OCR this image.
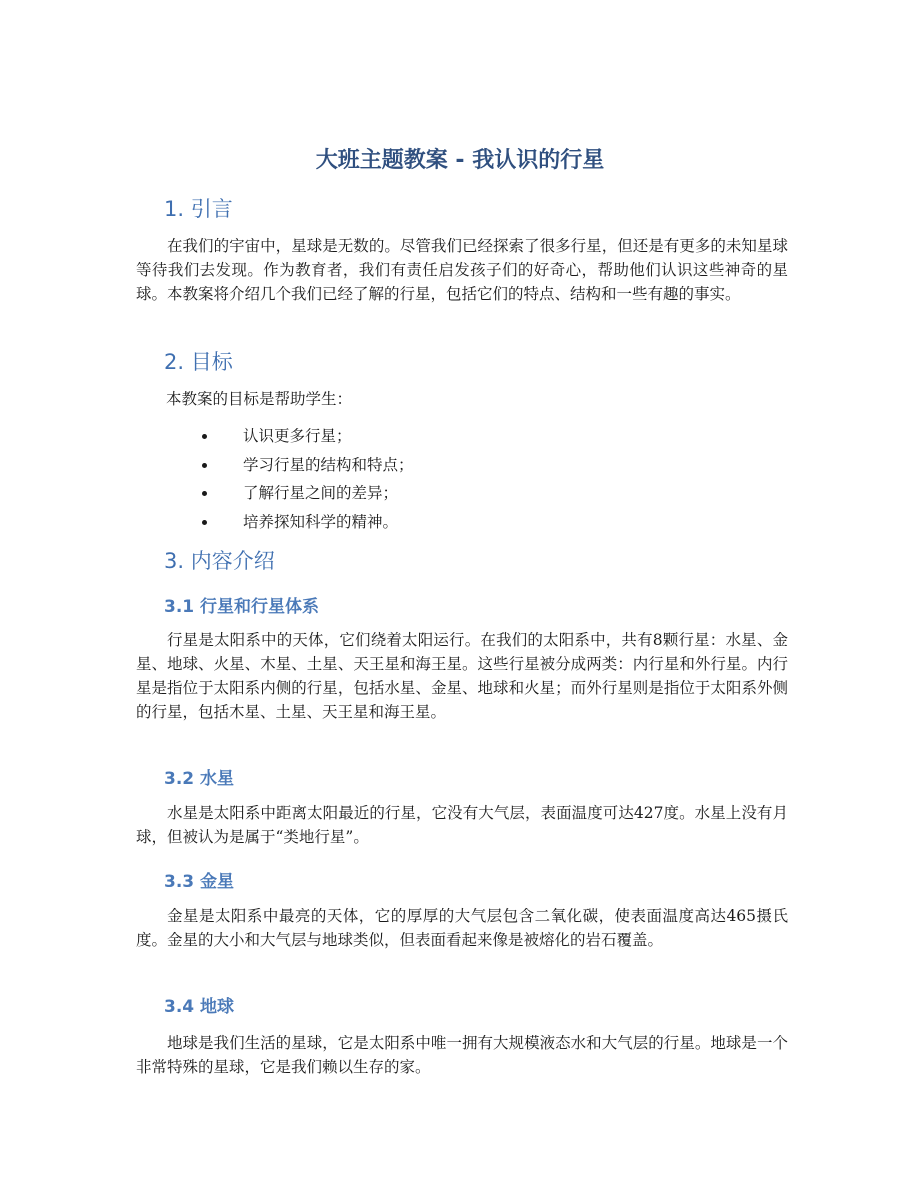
大班主题教案 - 我认识的行星
1. 引言

在我们的宇宙中，星球是无数的。尽管我们已经探索了很多行星，但还是有更多的未知星球等待我们去发现。作为教育者，我们有责任启发孩子们的好奇心，帮助他们认识这些神奇的星球。本教案将介绍几个我们已经了解的行星，包括它们的特点、结构和一些有趣的事实。

2. 目标

本教案的目标是帮助学生：

认识更多行星；
学习行星的结构和特点；
了解行星之间的差异；
培养探知科学的精神。
3. 内容介绍
3.1 行星和行星体系

行星是太阳系中的天体，它们绕着太阳运行。在我们的太阳系中，共有8颗行星：水星、金星、地球、火星、木星、土星、天王星和海王星。这些行星被分成两类：内行星和外行星。内行星是指位于太阳系内侧的行星，包括水星、金星、地球和火星；而外行星则是指位于太阳系外侧的行星，包括木星、土星、天王星和海王星。

3.2 水星

水星是太阳系中距离太阳最近的行星，它没有大气层，表面温度可达427度。水星上没有月球，但被认为是属于“类地行星”。

3.3 金星

金星是太阳系中最亮的天体，它的厚厚的大气层包含二氧化碳，使表面温度高达465摄氏度。金星的大小和大气层与地球类似，但表面看起来像是被熔化的岩石覆盖。

3.4 地球

地球是我们生活的星球，它是太阳系中唯一拥有大规模液态水和大气层的行星。地球是一个非常特殊的星球，它是我们赖以生存的家。
